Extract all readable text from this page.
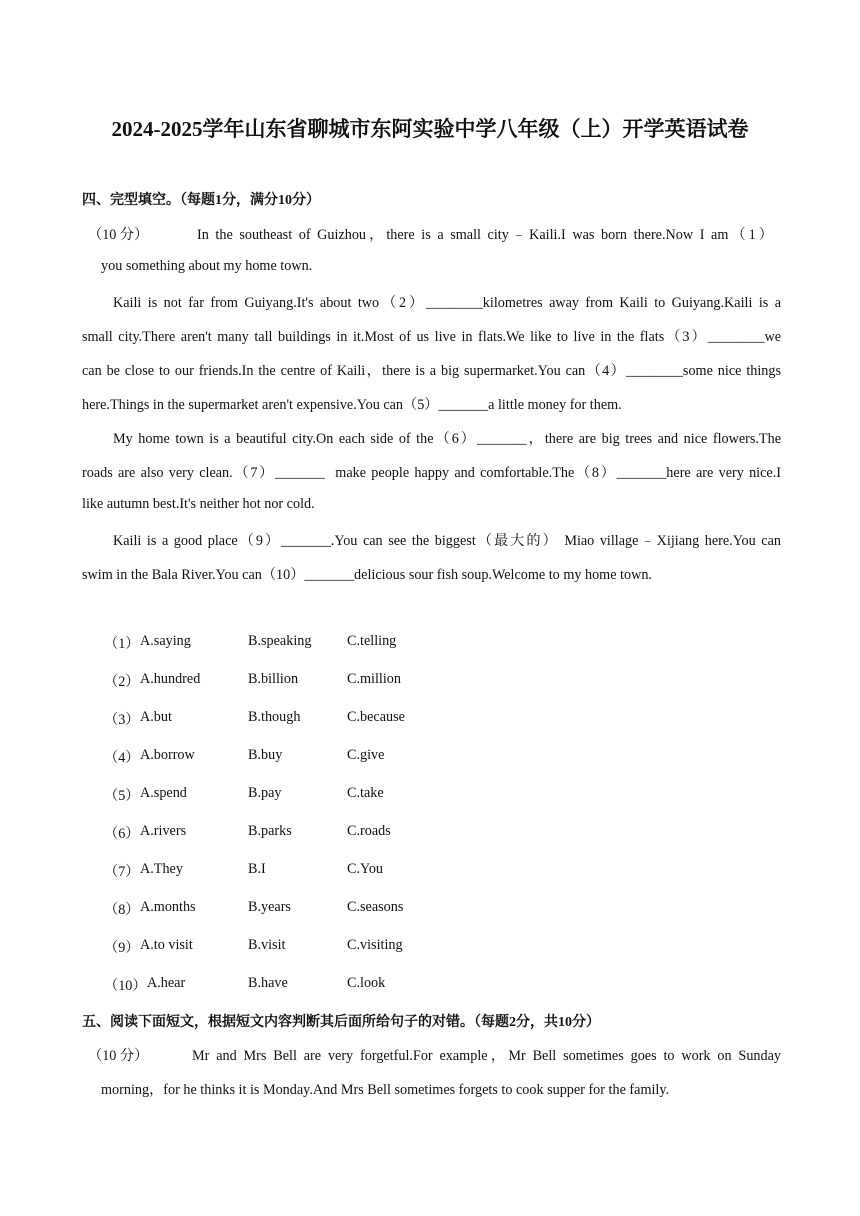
2024-2025学年山东省聊城市东阿实验中学八年级（上）开学英语试卷
四、完型填空。（每题1分，满分10分）
（10 分）	In the southeast of Guizhou，there is a small city﹣Kaili.I was born there.Now I am（1）
you something about my home town.
Kaili is not far from Guiyang.It's about two（2）________kilometres away from Kaili to Guiyang.Kaili is a
small city.There aren't many tall buildings in it.Most of us live in flats.We like to live in the flats（3）________we
can be close to our friends.In the centre of Kaili，there is a big supermarket.You can（4）________some nice things
here.Things in the supermarket aren't expensive.You can（5）_______a little money for them.
My home town is a beautiful city.On each side of the（6）_______，there are big trees and nice flowers.The
roads are also very clean.（7）_______  make people happy and comfortable.The（8）_______here are very nice.I
like autumn best.It's neither hot nor cold.
Kaili is a good place（9）_______.You can see the biggest（最大的） Miao village﹣Xijiang here.You can
swim in the Bala River.You can（10）_______delicious sour fish soup.Welcome to my home town.
（1） A.saying	B.speaking	C.telling
（2） A.hundred	B.billion	C.million
（3） A.but	B.though	C.because
（4） A.borrow	B.buy	C.give
（5） A.spend	B.pay	C.take
（6） A.rivers	B.parks	C.roads
（7） A.They	B.I	C.You
（8） A.months	B.years	C.seasons
（9） A.to visit	B.visit	C.visiting
（10） A.hear	B.have	C.look
五、阅读下面短文，根据短文内容判断其后面所给句子的对错。（每题2分，共10分）
（10 分）	Mr and Mrs Bell are very forgetful.For example，Mr Bell sometimes goes to work on Sunday
morning，for he thinks it is Monday.And Mrs Bell sometimes forgets to cook supper for the family.
